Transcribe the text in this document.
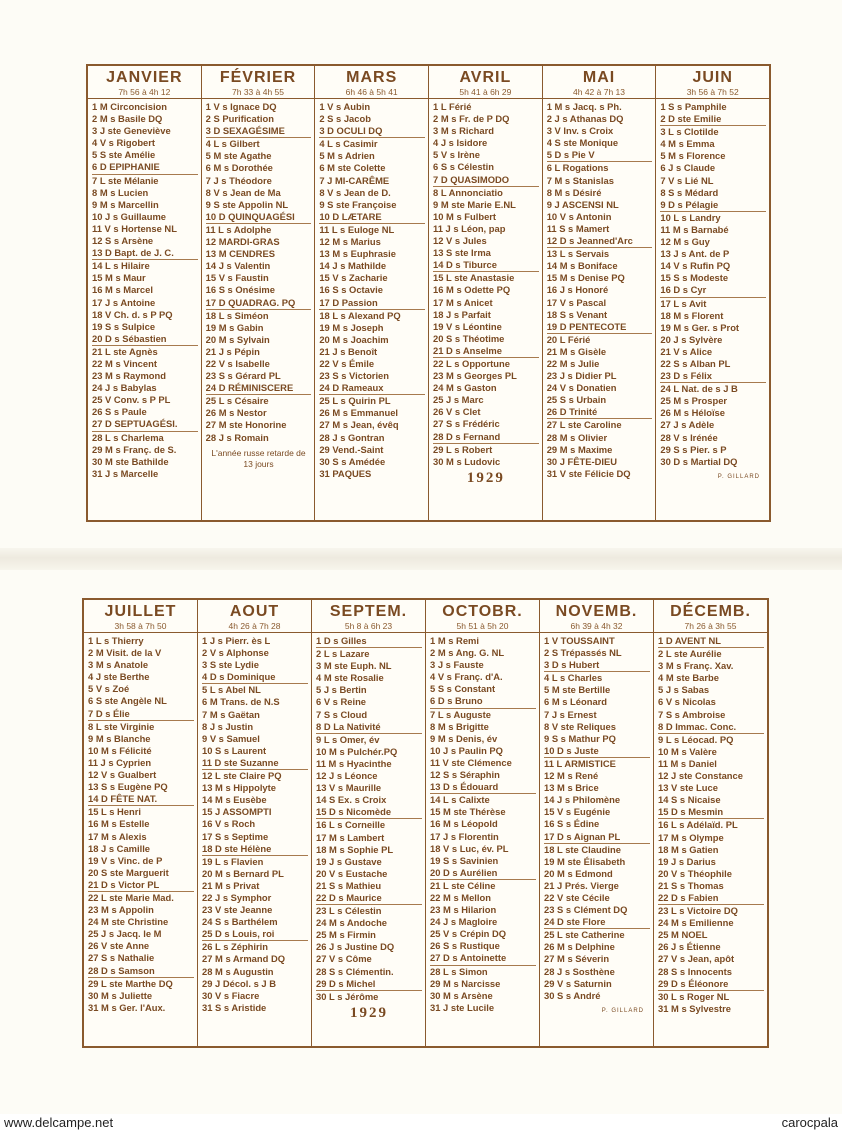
JANVIER
7h 56 à 4h 12
1 M Circoncision
2 M s Basile DQ
3 J ste Geneviève
4 V s Rigobert
5 S ste Amélie
6 D EPIPHANIE
7 L ste Mélanie
8 M s Lucien
9 M s Marcellin
10 J s Guillaume
11 V s Hortense NL
12 S s Arsène
13 D Bapt. de J. C.
14 L s Hilaire
15 M s Maur
16 M s Marcel
17 J s Antoine
18 V Ch. d. s P PQ
19 S s Sulpice
20 D s Sébastien
21 L ste Agnès
22 M s Vincent
23 M s Raymond
24 J s Babylas
25 V Conv. s P PL
26 S s Paule
27 D SEPTUAGÉSI.
28 L s Charlema
29 M s Franç. de S.
30 M ste Bathilde
31 J s Marcelle
FÉVRIER
7h 33 à 4h 55
1 V s Ignace DQ
2 S Purification
3 D SEXAGÉSIME
4 L s Gilbert
5 M ste Agathe
6 M s Dorothée
7 J s Théodore
8 V s Jean de Ma
9 S ste Appolin NL
10 D QUINQUAGÉSI
11 L s Adolphe
12 MARDI-GRAS
13 M CENDRES
14 J s Valentin
15 V s Faustin
16 S s Onésime
17 D QUADRAG. PQ
18 L s Siméon
19 M s Gabin
20 M s Sylvain
21 J s Pépin
22 V s Isabelle
23 S s Gérard PL
24 D RÉMINISCERE
25 L s Césaire
26 M s Nestor
27 M ste Honorine
28 J s Romain
L'année russe retarde de 13 jours
MARS
6h 46 à 5h 41
1 V s Aubin
2 S s Jacob
3 D OCULI DQ
4 L s Casimir
5 M s Adrien
6 M ste Colette
7 J MI-CARÊME
8 V s Jean de D.
9 S ste Françoise
10 D LÆTARE
11 L s Euloge NL
12 M s Marius
13 M s Euphrasie
14 J s Mathilde
15 V s Zacharie
16 S s Octavie
17 D Passion
18 L s Alexand PQ
19 M s Joseph
20 M s Joachim
21 J s Benoît
22 V s Émile
23 S s Victorien
24 D Rameaux
25 L s Quirin PL
26 M s Emmanuel
27 M s Jean, évêq
28 J s Gontran
29 Vend.-Saint
30 S s Amédée
31 PAQUES
AVRIL
5h 41 à 6h 29
1 L Férié
2 M s Fr. de P DQ
3 M s Richard
4 J s Isidore
5 V s Irène
6 S s Célestin
7 D QUASIMODO
8 L Annonciatio
9 M ste Marie E.NL
10 M s Fulbert
11 J s Léon, pap
12 V s Jules
13 S ste Irma
14 D s Tiburce
15 L ste Anastasie
16 M s Odette PQ
17 M s Anicet
18 J s Parfait
19 V s Léontine
20 S s Théotime
21 D s Anselme
22 L s Opportune
23 M s Georges PL
24 M s Gaston
25 J s Marc
26 V s Clet
27 S s Frédéric
28 D s Fernand
29 L s Robert
30 M s Ludovic
1929
MAI
4h 42 à 7h 13
1 M s Jacq. s Ph.
2 J s Athanas DQ
3 V Inv. s Croix
4 S ste Monique
5 D s Pie V
6 L Rogations
7 M s Stanislas
8 M s Désiré
9 J ASCENSI NL
10 V s Antonin
11 S s Mamert
12 D s Jeanned'Arc
13 L s Servais
14 M s Boniface
15 M s Denise PQ
16 J s Honoré
17 V s Pascal
18 S s Venant
19 D PENTECOTE
20 L Férié
21 M s Gisèle
22 M s Julie
23 J s Didier PL
24 V s Donatien
25 S s Urbain
26 D Trinité
27 L ste Caroline
28 M s Olivier
29 M s Maxime
30 J FÊTE-DIEU
31 V ste Félicie DQ
JUIN
3h 56 à 7h 52
1 S s Pamphile
2 D ste Emilie
3 L s Clotilde
4 M s Emma
5 M s Florence
6 J s Claude
7 V s Lié NL
8 S s Médard
9 D s Pélagie
10 L s Landry
11 M s Barnabé
12 M s Guy
13 J s Ant. de P
14 V s Rufin PQ
15 S s Modeste
16 D s Cyr
17 L s Avit
18 M s Florent
19 M s Ger. s Prot
20 J s Sylvère
21 V s Alice
22 S s Alban PL
23 D s Félix
24 L Nat. de s J B
25 M s Prosper
26 M s Héloïse
27 J s Adèle
28 V s Irénée
29 S s Pier. s P
30 D s Martial DQ
P. GILLARD
JUILLET
3h 58 à 7h 50
1 L s Thierry
2 M Visit. de la V
3 M s Anatole
4 J ste Berthe
5 V s Zoé
6 S ste Angèle NL
7 D s Élie
8 L ste Virginie
9 M s Blanche
10 M s Félicité
11 J s Cyprien
12 V s Gualbert
13 S s Eugène PQ
14 D FÊTE NAT.
15 L s Henri
16 M s Estelle
17 M s Alexis
18 J s Camille
19 V s Vinc. de P
20 S ste Marguerit
21 D s Victor PL
22 L ste Marie Mad.
23 M s Appolin
24 M ste Christine
25 J s Jacq. le M
26 V ste Anne
27 S s Nathalie
28 D s Samson
29 L ste Marthe DQ
30 M s Juliette
31 M s Ger. l'Aux.
AOUT
4h 26 à 7h 28
1 J s Pierr. ès L
2 V s Alphonse
3 S ste Lydie
4 D s Dominique
5 L s Abel NL
6 M Trans. de N.S
7 M s Gaëtan
8 J s Justin
9 V s Samuel
10 S s Laurent
11 D ste Suzanne
12 L ste Claire PQ
13 M s Hippolyte
14 M s Eusèbe
15 J ASSOMPTI
16 V s Roch
17 S s Septime
18 D ste Hélène
19 L s Flavien
20 M s Bernard PL
21 M s Privat
22 J s Symphor
23 V ste Jeanne
24 S s Barthélem
25 D s Louis, roi
26 L s Zéphirin
27 M s Armand DQ
28 M s Augustin
29 J Décol. s J B
30 V s Fiacre
31 S s Aristide
SEPTEM.
5h 8 à 6h 23
1 D s Gilles
2 L s Lazare
3 M ste Euph. NL
4 M ste Rosalie
5 J s Bertin
6 V s Reine
7 S s Cloud
8 D La Nativité
9 L s Omer, év
10 M s Pulchér.PQ
11 M s Hyacinthe
12 J s Léonce
13 V s Maurille
14 S Ex. s Croix
15 D s Nicomède
16 L s Corneille
17 M s Lambert
18 M s Sophie PL
19 J s Gustave
20 V s Eustache
21 S s Mathieu
22 D s Maurice
23 L s Célestin
24 M s Andoche
25 M s Firmin
26 J s Justine DQ
27 V s Côme
28 S s Clémentin.
29 D s Michel
30 L s Jérôme
1929
OCTOBR.
5h 51 à 5h 20
1 M s Remi
2 M s Ang. G. NL
3 J s Fauste
4 V s Franç. d'A.
5 S s Constant
6 D s Bruno
7 L s Auguste
8 M s Brigitte
9 M s Denis, év
10 J s Paulin PQ
11 V ste Clémence
12 S s Séraphin
13 D s Édouard
14 L s Calixte
15 M ste Thérèse
16 M s Léopold
17 J s Florentin
18 V s Luc, év. PL
19 S s Savinien
20 D s Aurélien
21 L ste Céline
22 M s Mellon
23 M s Hilarion
24 J s Magloire
25 V s Crépin DQ
26 S s Rustique
27 D s Antoinette
28 L s Simon
29 M s Narcisse
30 M s Arsène
31 J ste Lucile
NOVEMB.
6h 39 à 4h 32
1 V TOUSSAINT
2 S Trépassés NL
3 D s Hubert
4 L s Charles
5 M ste Bertille
6 M s Léonard
7 J s Ernest
8 V ste Reliques
9 S s Mathur PQ
10 D s Juste
11 L ARMISTICE
12 M s René
13 M s Brice
14 J s Philomène
15 V s Eugénie
16 S s Édine
17 D s Aignan PL
18 L ste Claudine
19 M ste Élisabeth
20 M s Edmond
21 J Prés. Vierge
22 V ste Cécile
23 S s Clément DQ
24 D ste Flore
25 L ste Catherine
26 M s Delphine
27 M s Séverin
28 J s Sosthène
29 V s Saturnin
30 S s André
P. GILLARD
DÉCEMB.
7h 26 à 3h 55
1 D AVENT NL
2 L ste Aurélie
3 M s Franç. Xav.
4 M ste Barbe
5 J s Sabas
6 V s Nicolas
7 S s Ambroise
8 D Immac. Conc.
9 L s Léocad. PQ
10 M s Valère
11 M s Daniel
12 J ste Constance
13 V ste Luce
14 S s Nicaise
15 D s Mesmin
16 L s Adélaïd. PL
17 M s Olympe
18 M s Gatien
19 J s Darius
20 V s Théophile
21 S s Thomas
22 D s Fabien
23 L s Victoire DQ
24 M s Emilienne
25 M NOEL
26 J s Étienne
27 V s Jean, apôt
28 S s Innocents
29 D s Éléonore
30 L s Roger NL
31 M s Sylvestre
www.delcampe.net	carocpala
